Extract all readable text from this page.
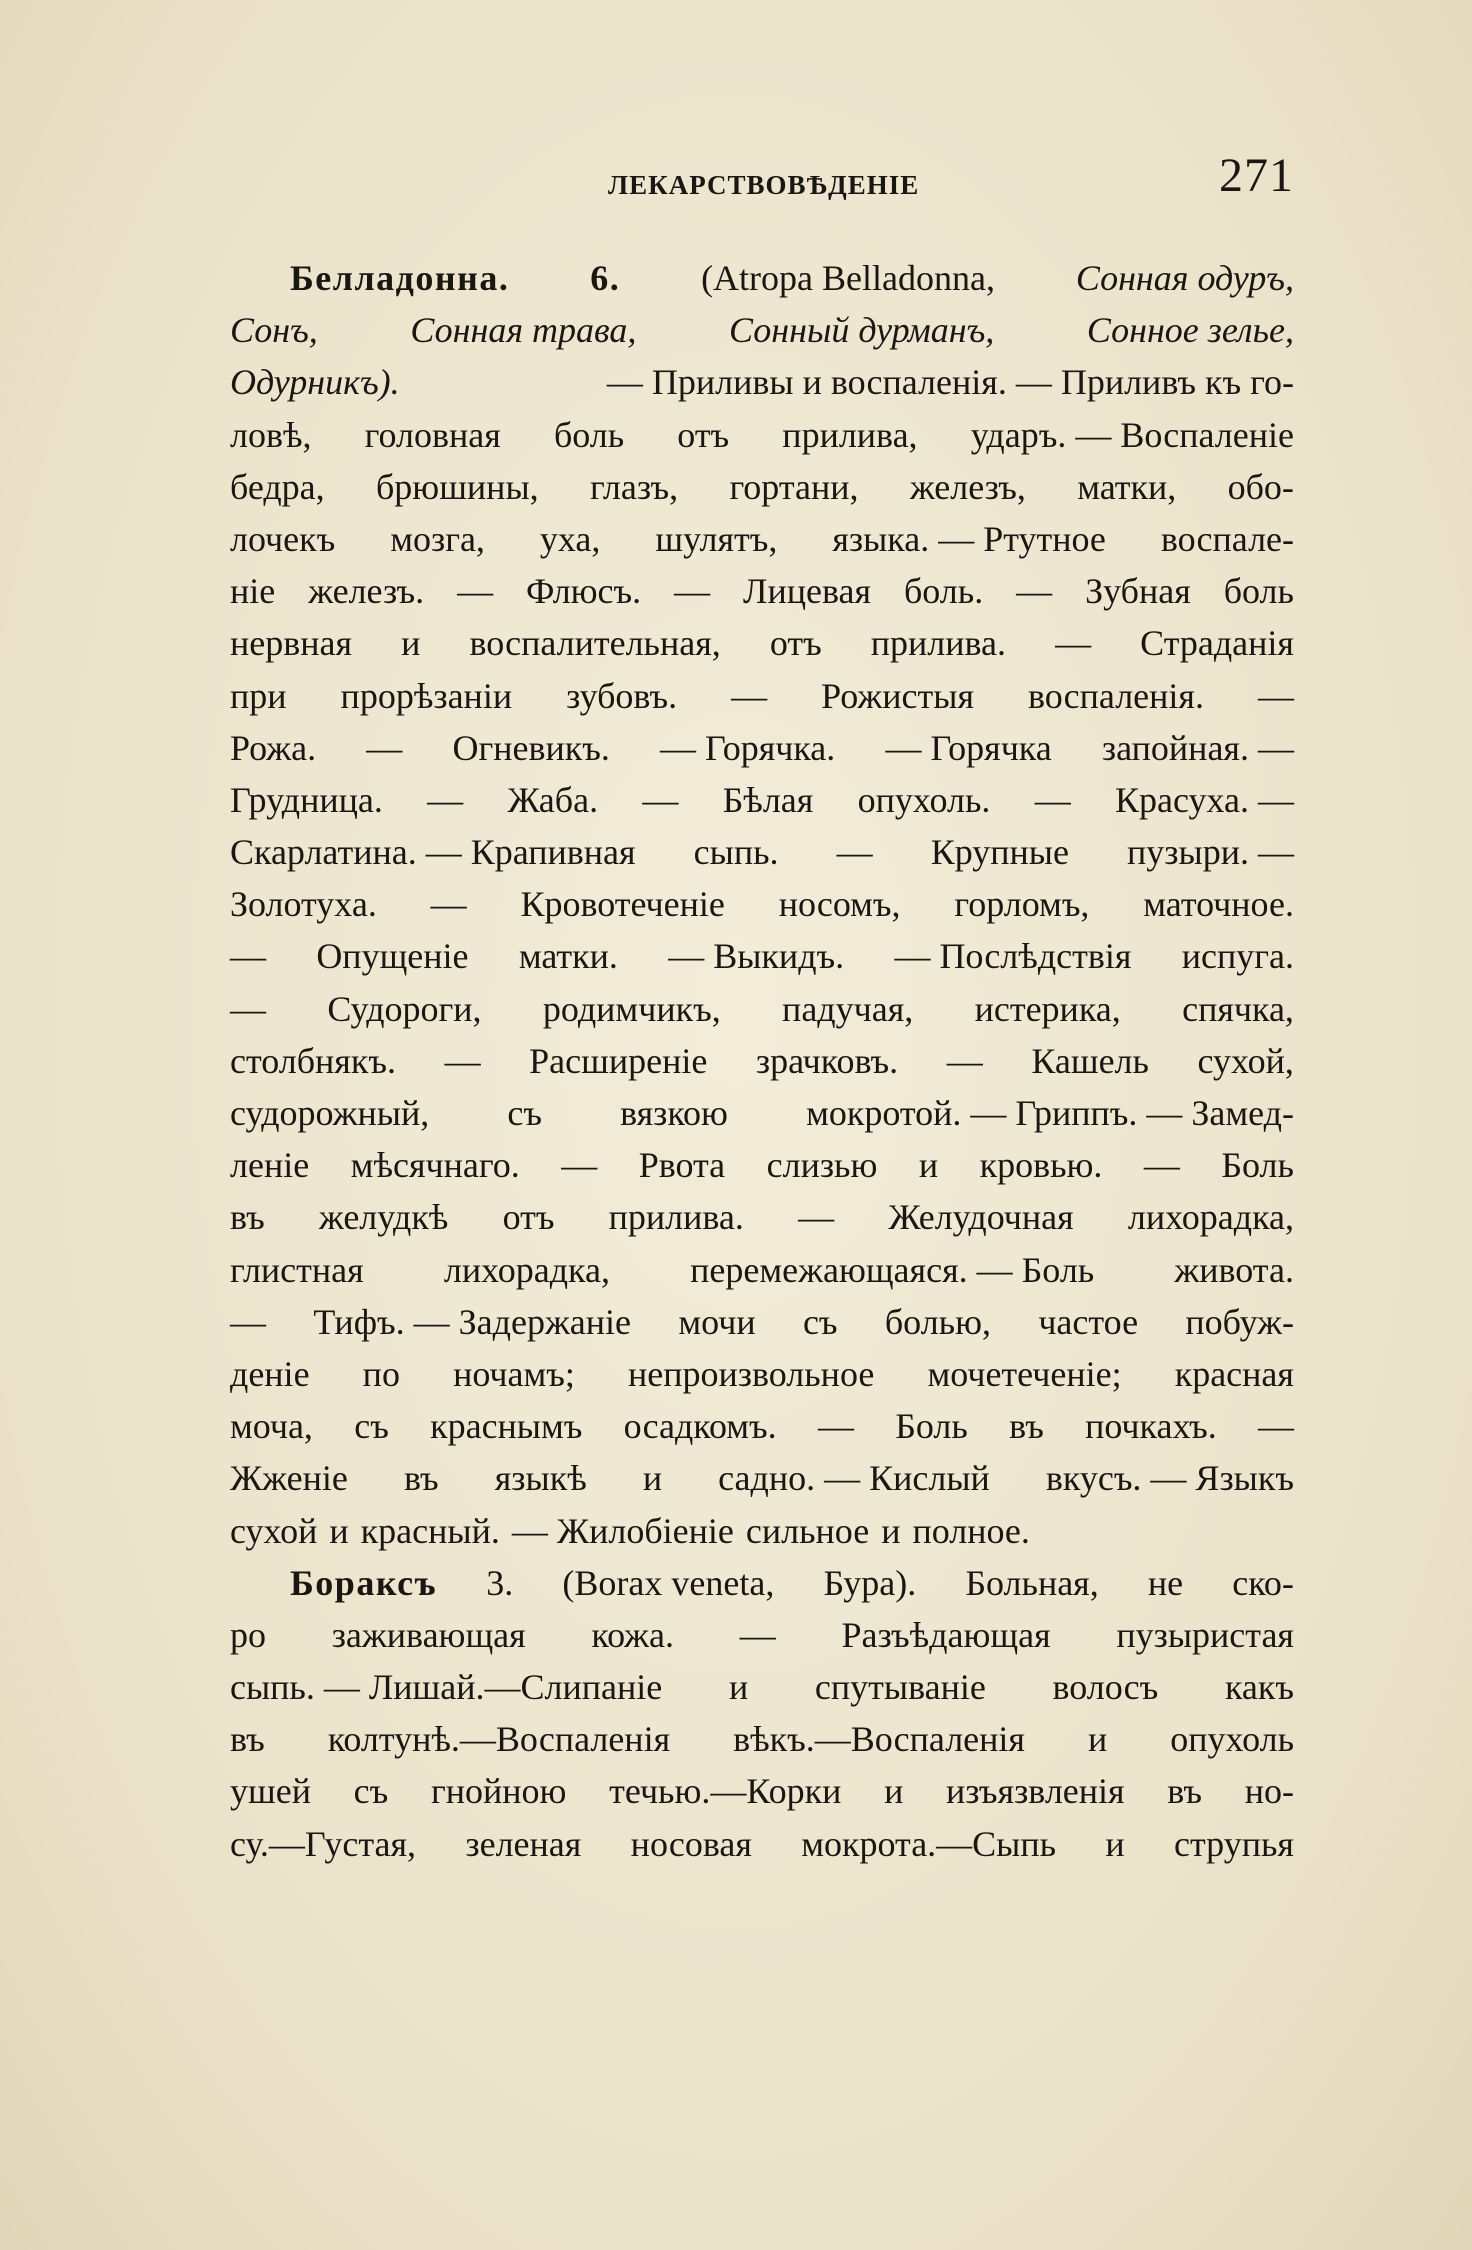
ЛЕКАРСТВОВѢДЕНІЕ	271
Белладонна. 6. (Atropa Belladonna, Сонная одуръ,
Сонъ,	Сонная трава,	Сонный дурманъ,	Сонное зелье,
Одурникъ).	— Приливы и воспаленія. — Приливъ къ го-
ловѣ, головная боль отъ прилива, ударъ. — Воспаленіе
бедра, брюшины, глазъ, гортани, железъ, матки, обо-
лочекъ мозга, уха, шулятъ, языка. — Ртутное воспале-
ніе железъ. — Флюсъ. — Лицевая боль. — Зубная боль
нервная и воспалительная, отъ прилива. — Страданія
при прорѣзаніи зубовъ. — Рожистыя воспаленія. —
Рожа. — Огневикъ. — Горячка. — Горячка запойная. —
Грудница. — Жаба. — Бѣлая опухоль. — Красуха. —
Скарлатина. — Крапивная сыпь. — Крупные пузыри. —
Золотуха. — Кровотеченіе носомъ, горломъ, маточное.
— Опущеніе матки. — Выкидъ. — Послѣдствія испуга.
— Судороги, родимчикъ, падучая, истерика, спячка,
столбнякъ. — Расширеніе зрачковъ. — Кашель сухой,
судорожный, съ вязкою мокротой. — Гриппъ. — Замед-
леніе мѣсячнаго. — Рвота слизью и кровью. — Боль
въ желудкѣ отъ прилива. — Желудочная лихорадка,
глистная лихорадка, перемежающаяся. — Боль живота.
— Тифъ. — Задержаніе мочи съ болью, частое побуж-
деніе по ночамъ; непроизвольное мочетеченіе; красная
моча, съ краснымъ осадкомъ. — Боль въ почкахъ. —
Жженіе въ языкѣ и садно. — Кислый вкусъ. — Языкъ
сухой и красный. — Жилобіеніе сильное и полное.
Бораксъ 3. (Borax veneta, Бура). Больная, не ско-
ро заживающая кожа. — Разъѣдающая пузыристая
сыпь. — Лишай.—Слипаніе и спутываніе волосъ какъ
въ колтунѣ.—Воспаленія вѣкъ.—Воспаленія и опухоль
ушей съ гнойною течью.—Корки и изъязвленія въ но-
су.—Густая, зеленая носовая мокрота.—Сыпь и струпья
